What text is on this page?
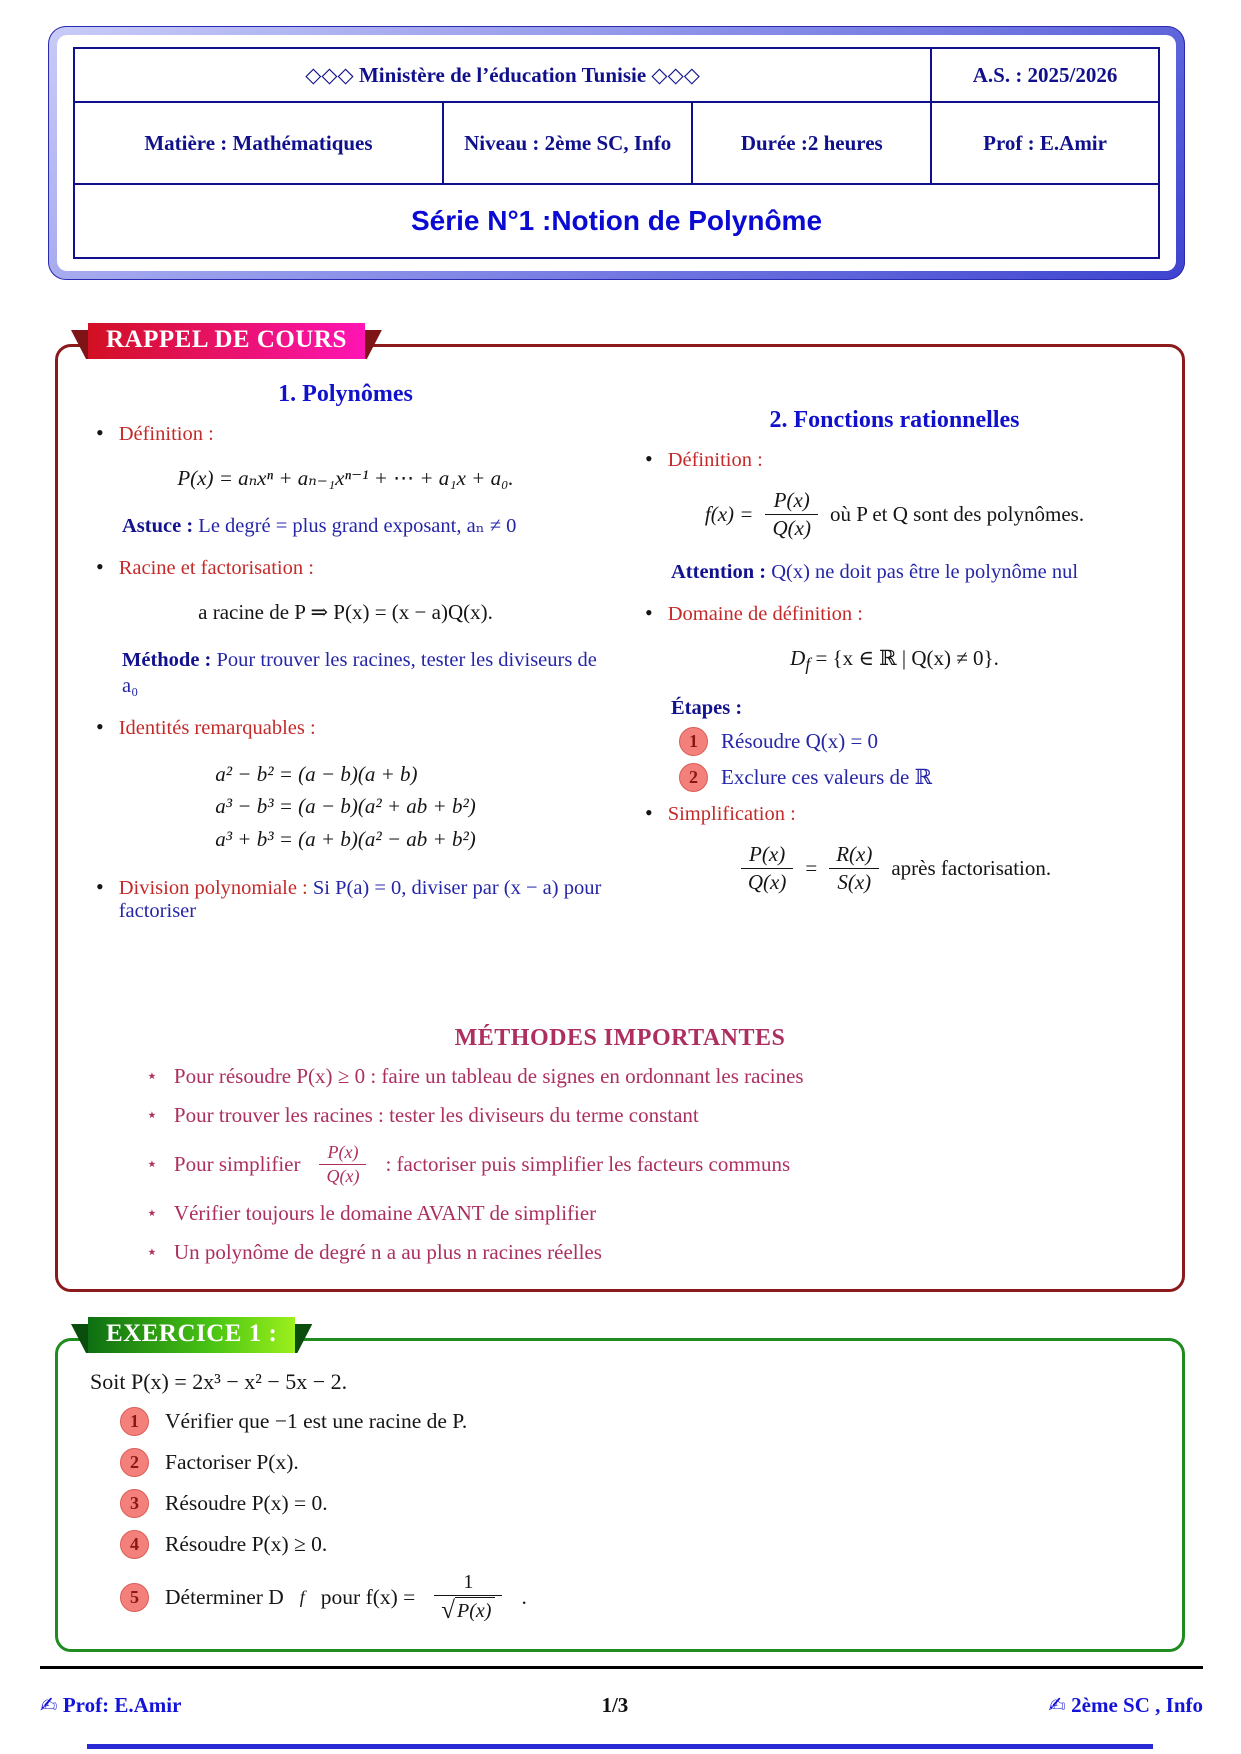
◇◇◇ Ministère de l’éducation Tunisie ◇◇◇			A.S. : 2025/2026
Matière : Mathématiques	Niveau : 2ème SC, Info	Durée :2 heures	Prof : E.Amir
Série N°1 :Notion de Polynôme			
RAPPEL DE COURS
1. Polynômes
• Définition :
P(x) = aₙxⁿ + aₙ₋₁xⁿ⁻¹ + ⋯ + a₁x + a₀.
Astuce : Le degré = plus grand exposant, aₙ ≠ 0
• Racine et factorisation :
a racine de P ⇒ P(x) = (x − a)Q(x).
Méthode : Pour trouver les racines, tester les diviseurs de a₀
• Identités remarquables :
a² − b² = (a − b)(a + b)
a³ − b³ = (a − b)(a² + ab + b²)
a³ + b³ = (a + b)(a² − ab + b²)
• Division polynomiale : Si P(a) = 0, diviser par (x − a) pour factoriser
2. Fonctions rationnelles
• Définition :
$f(x) = \frac{P(x)}{Q(x)}$ où P et Q sont des polynômes.
Attention : Q(x) ne doit pas être le polynôme nul
• Domaine de définition :
$D_f = \{x$ ∈ ℝ | Q(x) ≠ 0}.
Étapes :
1	Résoudre Q(x) = 0
2	Exclure ces valeurs de ℝ
• Simplification :
$\frac{P(x)}{Q(x)} = \frac{R(x)}{S(x)}$ après factorisation.
MÉTHODES IMPORTANTES
⋆ Pour résoudre P(x) ≥ 0 : faire un tableau de signes en ordonnant les racines
⋆ Pour trouver les racines : tester les diviseurs du terme constant
⋆ Pour simplifier $\frac{P(x)}{Q(x)}$ : factoriser puis simplifier les facteurs communs
⋆ Vérifier toujours le domaine AVANT de simplifier
⋆ Un polynôme de degré n a au plus n racines réelles
EXERCICE 1 :
Soit P(x) = 2x³ − x² − 5x − 2.
1	Vérifier que −1 est une racine de P.
2	Factoriser P(x).
3	Résoudre P(x) = 0.
4	Résoudre P(x) ≥ 0.
5	Déterminer D f pour $f(x) = \frac{1}{√ P(x)}$ .
✍ Prof: E.Amir	1/3	✍ 2ème SC , Info
